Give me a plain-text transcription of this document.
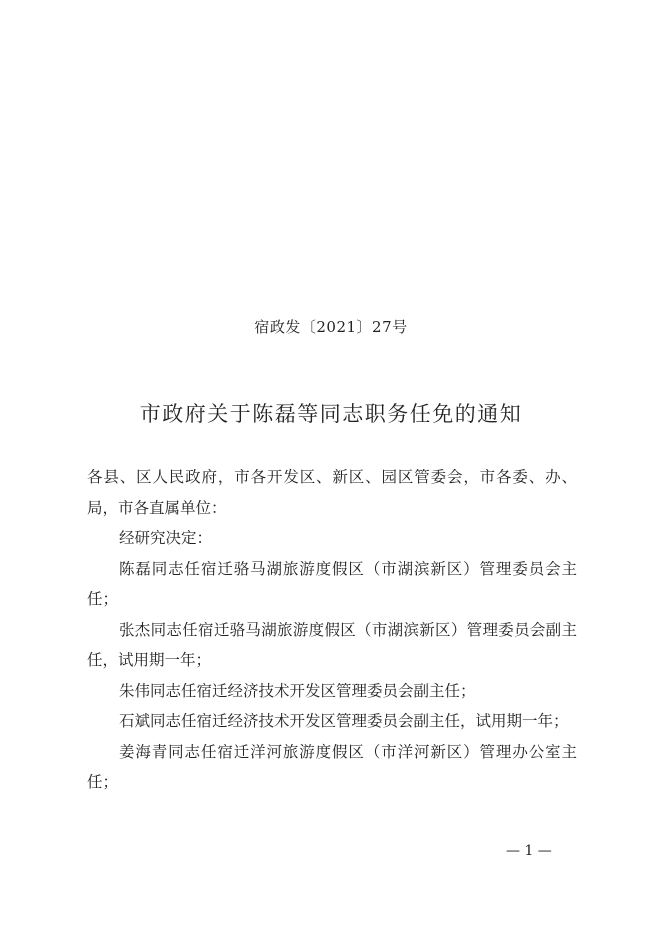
宿政发〔2021〕27号
市政府关于陈磊等同志职务任免的通知

各县、区人民政府，市各开发区、新区、园区管委会，市各委、办、局，市各直属单位：

经研究决定：

陈磊同志任宿迁骆马湖旅游度假区（市湖滨新区）管理委员会主任；

张杰同志任宿迁骆马湖旅游度假区（市湖滨新区）管理委员会副主任，试用期一年；

朱伟同志任宿迁经济技术开发区管理委员会副主任；

石斌同志任宿迁经济技术开发区管理委员会副主任，试用期一年；

姜海青同志任宿迁洋河旅游度假区（市洋河新区）管理办公室主任；

— 1 —
